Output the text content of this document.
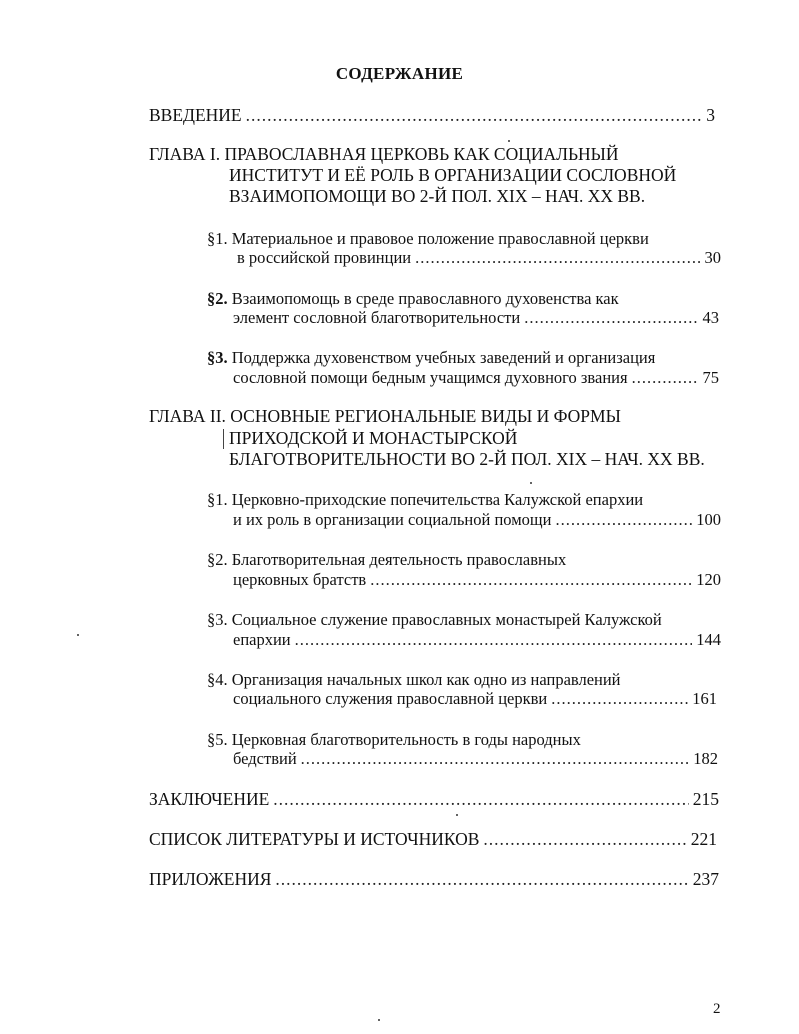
СОДЕРЖАНИЕ
ВВЕДЕНИЕ .....	3
ГЛАВА I. ПРАВОСЛАВНАЯ ЦЕРКОВЬ КАК СОЦИАЛЬНЫЙ
ИНСТИТУТ И ЕЁ РОЛЬ В ОРГАНИЗАЦИИ СОСЛОВНОЙ
ВЗАИМОПОМОЩИ ВО 2-Й ПОЛ. XIX – НАЧ. XX ВВ.
§1. Материальное и правовое положение православной церкви
в российской провинции .....	30
§2. Взаимопомощь в среде православного духовенства как
элемент сословной благотворительности .....	43
§3. Поддержка духовенством учебных заведений и организация
сословной помощи бедным учащимся духовного звания .....	75
ГЛАВА II. ОСНОВНЫЕ РЕГИОНАЛЬНЫЕ ВИДЫ И ФОРМЫ
ПРИХОДСКОЙ И МОНАСТЫРСКОЙ
БЛАГОТВОРИТЕЛЬНОСТИ ВО 2-Й ПОЛ. XIX – НАЧ. XX ВВ.
§1. Церковно-приходские попечительства Калужской епархии
и их роль в организации социальной помощи .....	100
§2. Благотворительная деятельность православных
церковных братств .....	120
§3. Социальное служение православных монастырей Калужской
епархии .....	144
§4. Организация начальных школ как одно из направлений
социального служения православной церкви .....	161
§5. Церковная благотворительность в годы народных
бедствий .....	182
ЗАКЛЮЧЕНИЕ .....	215
СПИСОК ЛИТЕРАТУРЫ И ИСТОЧНИКОВ .....	221
ПРИЛОЖЕНИЯ .....	237
2
